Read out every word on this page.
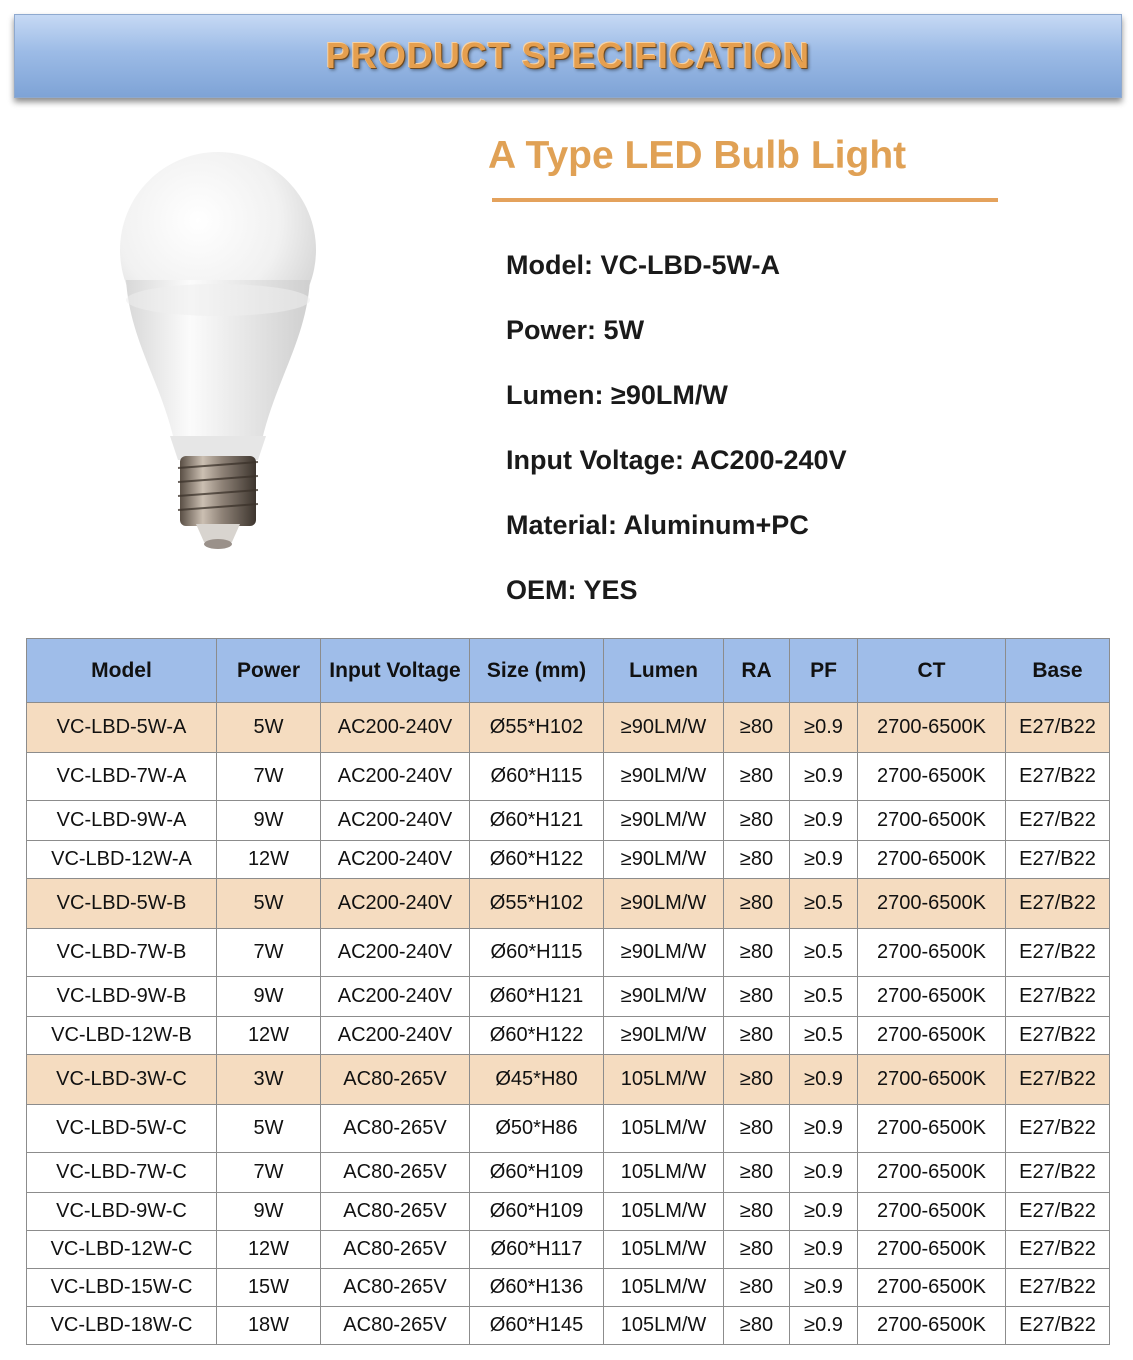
PRODUCT SPECIFICATION
A Type LED Bulb Light
Model: VC-LBD-5W-A
Power: 5W
Lumen: ≥90LM/W
Input Voltage: AC200-240V
Material: Aluminum+PC
OEM: YES
Model	Power	Input Voltage	Size (mm)	Lumen	RA	PF	CT	Base
VC-LBD-5W-A	5W	AC200-240V	Ø55*H102	≥90LM/W	≥80	≥0.9	2700-6500K	E27/B22
VC-LBD-7W-A	7W	AC200-240V	Ø60*H115	≥90LM/W	≥80	≥0.9	2700-6500K	E27/B22
VC-LBD-9W-A	9W	AC200-240V	Ø60*H121	≥90LM/W	≥80	≥0.9	2700-6500K	E27/B22
VC-LBD-12W-A	12W	AC200-240V	Ø60*H122	≥90LM/W	≥80	≥0.9	2700-6500K	E27/B22
VC-LBD-5W-B	5W	AC200-240V	Ø55*H102	≥90LM/W	≥80	≥0.5	2700-6500K	E27/B22
VC-LBD-7W-B	7W	AC200-240V	Ø60*H115	≥90LM/W	≥80	≥0.5	2700-6500K	E27/B22
VC-LBD-9W-B	9W	AC200-240V	Ø60*H121	≥90LM/W	≥80	≥0.5	2700-6500K	E27/B22
VC-LBD-12W-B	12W	AC200-240V	Ø60*H122	≥90LM/W	≥80	≥0.5	2700-6500K	E27/B22
VC-LBD-3W-C	3W	AC80-265V	Ø45*H80	105LM/W	≥80	≥0.9	2700-6500K	E27/B22
VC-LBD-5W-C	5W	AC80-265V	Ø50*H86	105LM/W	≥80	≥0.9	2700-6500K	E27/B22
VC-LBD-7W-C	7W	AC80-265V	Ø60*H109	105LM/W	≥80	≥0.9	2700-6500K	E27/B22
VC-LBD-9W-C	9W	AC80-265V	Ø60*H109	105LM/W	≥80	≥0.9	2700-6500K	E27/B22
VC-LBD-12W-C	12W	AC80-265V	Ø60*H117	105LM/W	≥80	≥0.9	2700-6500K	E27/B22
VC-LBD-15W-C	15W	AC80-265V	Ø60*H136	105LM/W	≥80	≥0.9	2700-6500K	E27/B22
VC-LBD-18W-C	18W	AC80-265V	Ø60*H145	105LM/W	≥80	≥0.9	2700-6500K	E27/B22
